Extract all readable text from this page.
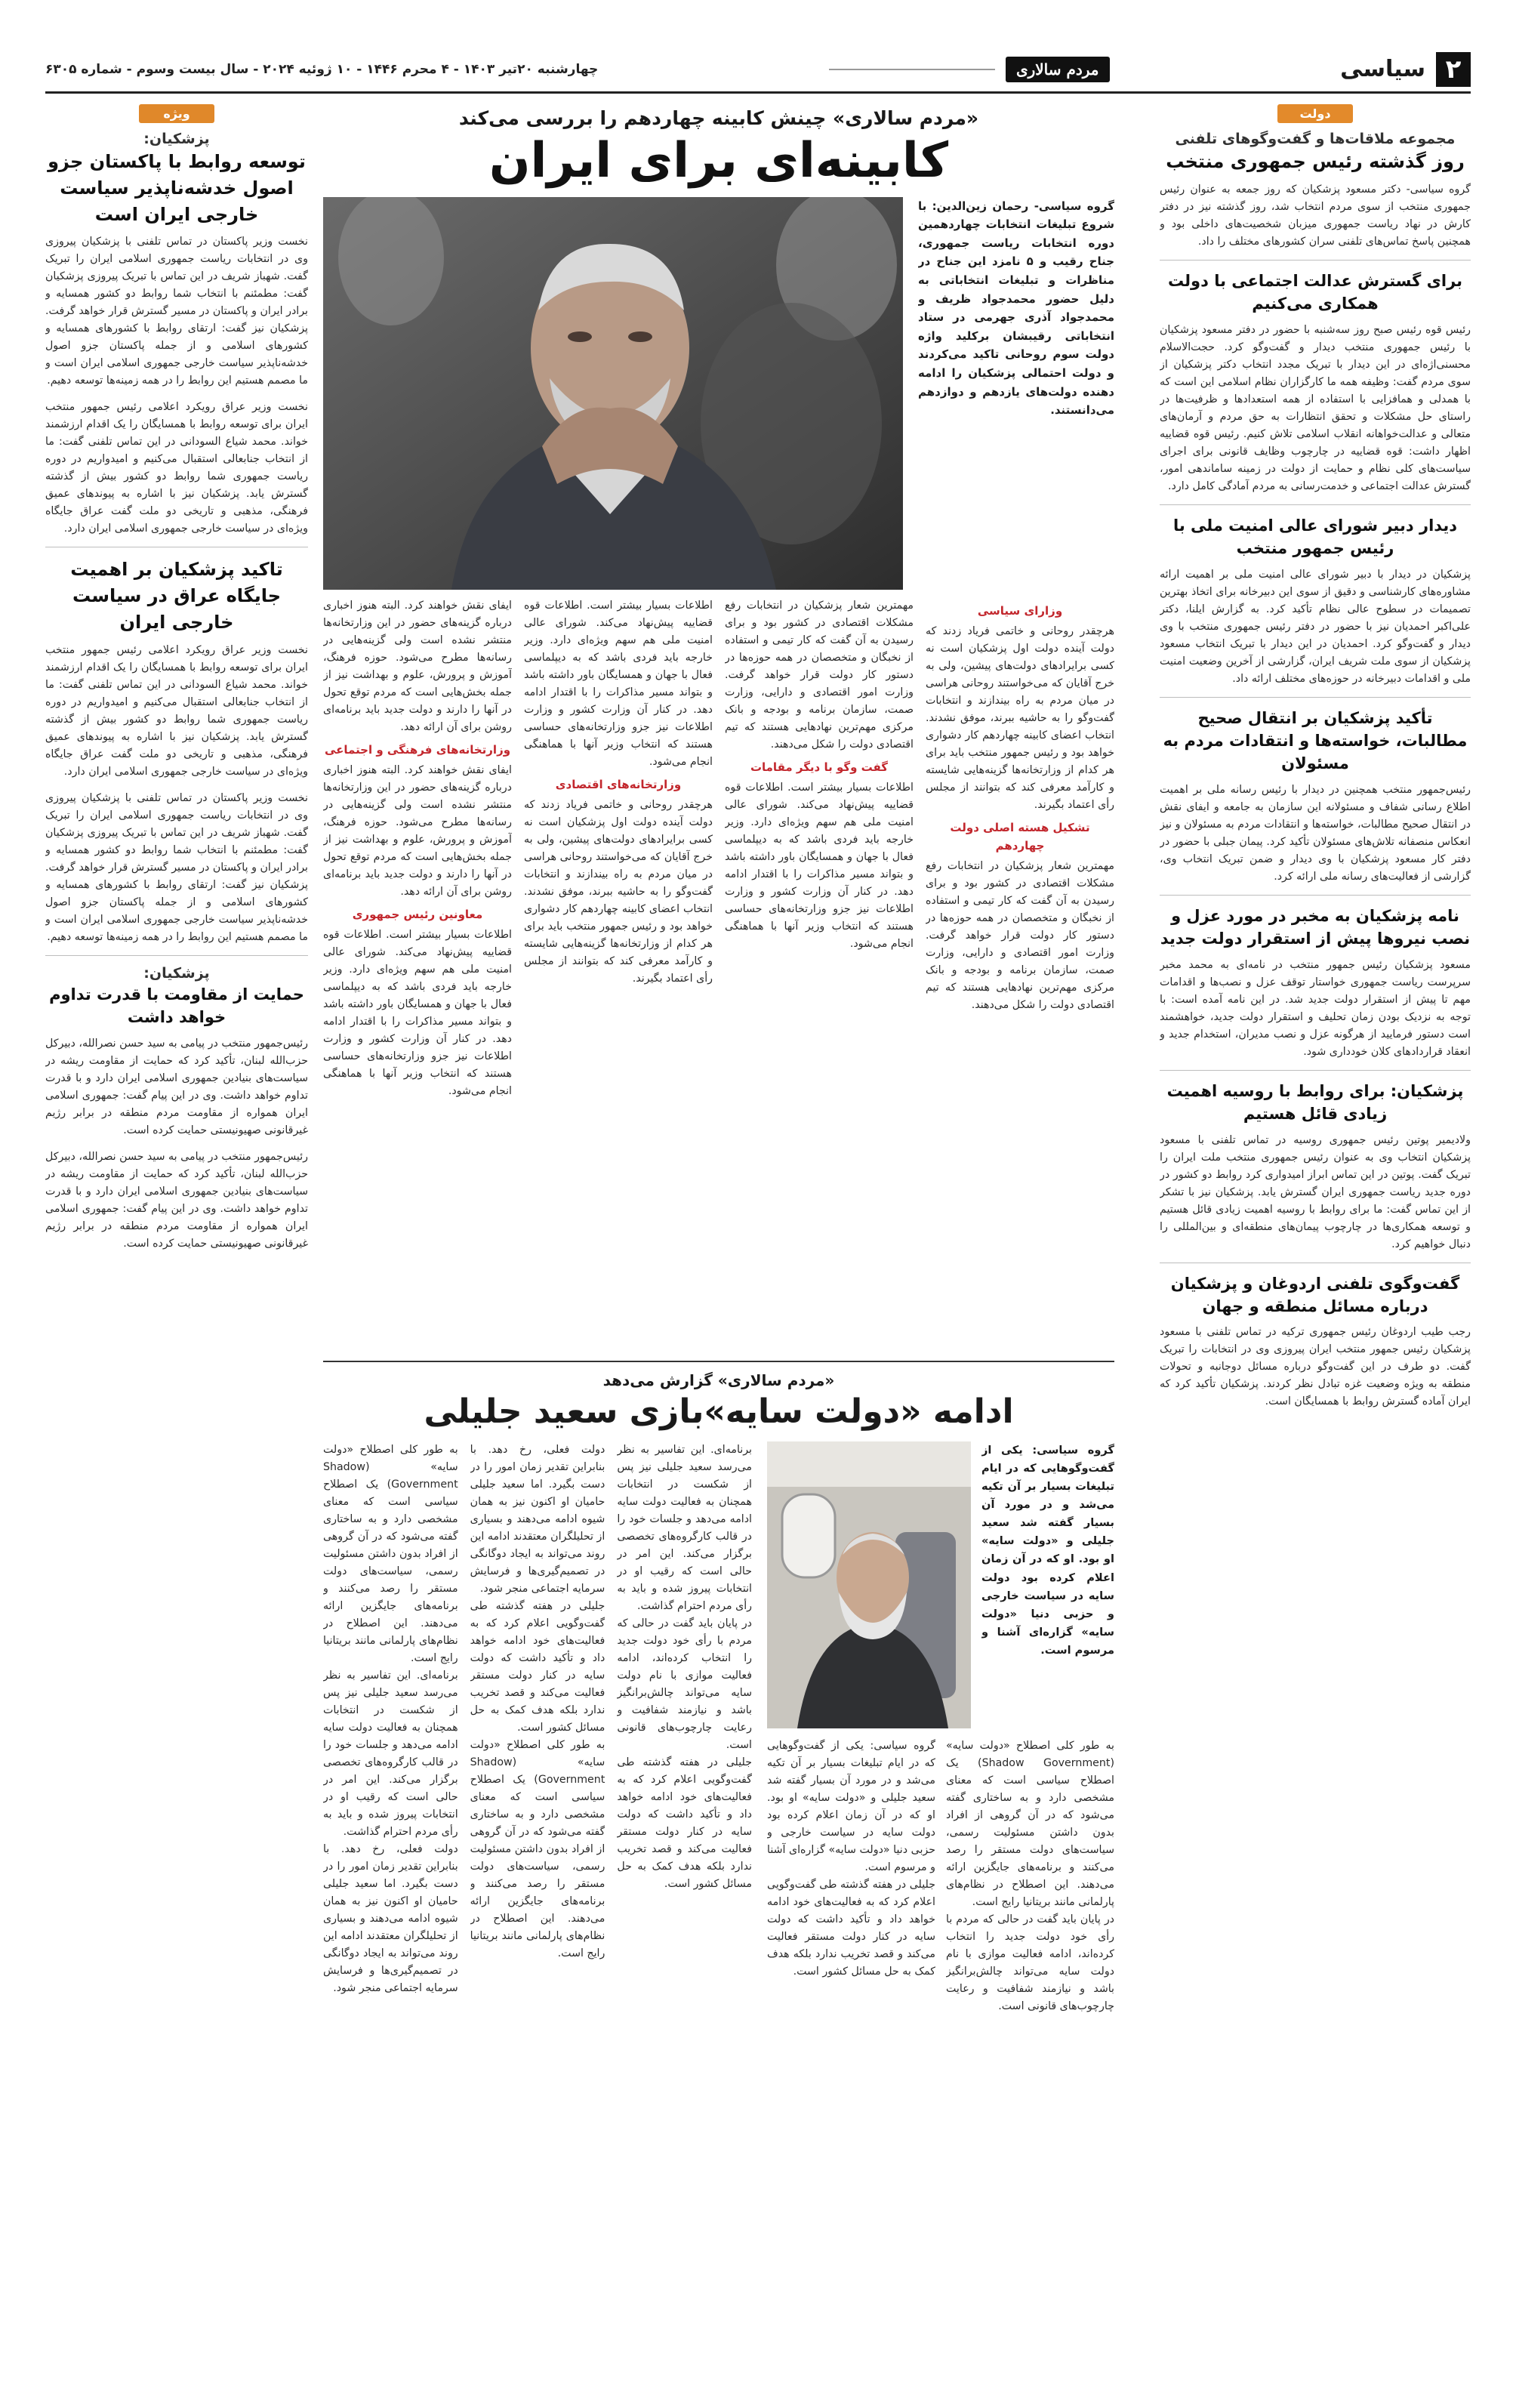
۲
سیاسی
مردم سالاری
چهارشنبه ۲۰تیر ۱۴۰۳ - ۴ محرم ۱۴۴۶ - ۱۰ ژوئیه ۲۰۲۴ - سال بیست وسوم - شماره ۶۳۰۵
دولت
مجموعه ملاقات‌ها و گفت‌وگوهای تلفنی
روز گذشته رئیس جمهوری منتخب
گروه سیاسی- دکتر مسعود پزشکیان که روز جمعه به عنوان رئیس جمهوری منتخب از سوی مردم انتخاب شد، روز گذشته نیز در دفتر کارش در نهاد ریاست جمهوری میزبان شخصیت‌های داخلی بود و همچنین پاسخ تماس‌های تلفنی سران کشورهای مختلف را داد.
برای گسترش عدالت اجتماعی با دولت همکاری می‌کنیم
رئیس قوه رئیس صبح روز سه‌شنبه با حضور در دفتر مسعود پزشکیان با رئیس جمهوری منتخب دیدار و گفت‌وگو کرد. حجت‌الاسلام محسنی‌اژه‌ای در این دیدار با تبریک مجدد انتخاب دکتر پزشکیان از سوی مردم گفت: وظیفه همه ما کارگزاران نظام اسلامی این است که با همدلی و همافزایی با استفاده از همه استعدادها و ظرفیت‌ها در راستای حل مشکلات و تحقق انتظارات به حق مردم و آرمان‌های متعالی و عدالت‌خواهانه انقلاب اسلامی تلاش کنیم. رئیس قوه قضاییه اظهار داشت: قوه قضاییه در چارچوب وظایف قانونی برای اجرای سیاست‌های کلی نظام و حمایت از دولت در زمینه ساماندهی امور، گسترش عدالت اجتماعی و خدمت‌رسانی به مردم آمادگی کامل دارد.
دیدار دبیر شورای عالی امنیت ملی با رئیس جمهور منتخب
پزشکیان در دیدار با دبیر شورای عالی امنیت ملی بر اهمیت ارائه مشاوره‌های کارشناسی و دقیق از سوی این دبیرخانه برای اتخاذ بهترین تصمیمات در سطوح عالی نظام تأکید کرد. به گزارش ایلنا، دکتر علی‌اکبر احمدیان نیز با حضور در دفتر رئیس جمهوری منتخب با وی دیدار و گفت‌وگو کرد. احمدیان در این دیدار با تبریک انتخاب مسعود پزشکیان از سوی ملت شریف ایران، گزارشی از آخرین وضعیت امنیت ملی و اقدامات دبیرخانه در حوزه‌های مختلف ارائه داد.
تأکید پزشکیان بر انتقال صحیح مطالبات، خواسته‌ها و انتقادات مردم به مسئولان
رئیس‌جمهور منتخب همچنین در دیدار با رئیس رسانه ملی بر اهمیت اطلاع رسانی شفاف و مسئولانه این سازمان به جامعه و ایفای نقش در انتقال صحیح مطالبات، خواسته‌ها و انتقادات مردم به مسئولان و نیز انعکاس منصفانه تلاش‌های مسئولان تأکید کرد. پیمان جبلی با حضور در دفتر کار مسعود پزشکیان با وی دیدار و ضمن تبریک انتخاب وی، گزارشی از فعالیت‌های رسانه ملی ارائه کرد.
نامه پزشکیان به مخبر در مورد عزل و نصب نیروها پیش از استقرار دولت جدید
مسعود پزشکیان رئیس جمهور منتخب در نامه‌ای به محمد مخبر سرپرست ریاست جمهوری خواستار توقف عزل و نصب‌ها و اقدامات مهم تا پیش از استقرار دولت جدید شد. در این نامه آمده است: با توجه به نزدیک بودن زمان تحلیف و استقرار دولت جدید، خواهشمند است دستور فرمایید از هرگونه عزل و نصب مدیران، استخدام جدید و انعقاد قراردادهای کلان خودداری شود.
پزشکیان: برای روابط با روسیه اهمیت زیادی قائل هستیم
ولادیمیر پوتین رئیس جمهوری روسیه در تماس تلفنی با مسعود پزشکیان انتخاب وی به عنوان رئیس جمهوری منتخب ملت ایران را تبریک گفت. پوتین در این تماس ابراز امیدواری کرد روابط دو کشور در دوره جدید ریاست جمهوری ایران گسترش یابد. پزشکیان نیز با تشکر از این تماس گفت: ما برای روابط با روسیه اهمیت زیادی قائل هستیم و توسعه همکاری‌ها در چارچوب پیمان‌های منطقه‌ای و بین‌المللی را دنبال خواهیم کرد.
گفت‌وگوی تلفنی اردوغان و پزشکیان درباره مسائل منطقه و جهان
رجب طیب اردوغان رئیس جمهوری ترکیه در تماس تلفنی با مسعود پزشکیان رئیس جمهور منتخب ایران پیروزی وی در انتخابات را تبریک گفت. دو طرف در این گفت‌وگو درباره مسائل دوجانبه و تحولات منطقه به ویژه وضعیت غزه تبادل نظر کردند. پزشکیان تأکید کرد که ایران آماده گسترش روابط با همسایگان است.
«مردم سالاری» چینش کابینه چهاردهم را بررسی می‌کند
کابینه‌ای برای ایران
گروه سیاسی- رحمان زین‌الدین: با شروع تبلیغات انتخابات چهاردهمین دوره انتخابات ریاست جمهوری، جناح رقیب و ۵ نامزد این جناح در مناظرات و تبلیغات انتخاباتی به دلیل حضور محمدجواد ظریف و محمدجواد آذری جهرمی در ستاد انتخاباتی رقیبشان برکلید واژه دولت سوم روحانی تاکید می‌کردند و دولت احتمالی پزشکیان را ادامه دهنده دولت‌های یازدهم و دوازدهم می‌دانستند.
وزارای سیاسی
هرچقدر روحانی و خاتمی فریاد زدند که دولت آینده دولت اول پزشکیان است نه کسی برایرادهای دولت‌های پیشین، ولی به خرج آقایان که می‌خواستند روحانی هراسی در میان مردم به راه بیندازند و انتخابات گفت‌وگو را به حاشیه ببرند، موفق نشدند. انتخاب اعضای کابینه چهاردهم کار دشواری خواهد بود و رئیس جمهور منتخب باید برای هر کدام از وزارتخانه‌ها گزینه‌هایی شایسته و کارآمد معرفی کند که بتوانند از مجلس رأی اعتماد بگیرند.
تشکیل هسته اصلی دولت چهاردهم
مهمترین شعار پزشکیان در انتخابات رفع مشکلات اقتصادی در کشور بود و برای رسیدن به آن گفت که کار تیمی و استفاده از نخبگان و متخصصان در همه حوزه‌ها در دستور کار دولت قرار خواهد گرفت. وزارت امور اقتصادی و دارایی، وزارت صمت، سازمان برنامه و بودجه و بانک مرکزی مهم‌ترین نهادهایی هستند که تیم اقتصادی دولت را شکل می‌دهند.
مهمترین شعار پزشکیان در انتخابات رفع مشکلات اقتصادی در کشور بود و برای رسیدن به آن گفت که کار تیمی و استفاده از نخبگان و متخصصان در همه حوزه‌ها در دستور کار دولت قرار خواهد گرفت. وزارت امور اقتصادی و دارایی، وزارت صمت، سازمان برنامه و بودجه و بانک مرکزی مهم‌ترین نهادهایی هستند که تیم اقتصادی دولت را شکل می‌دهند.
گفت وگو با دیگر مقامات
اطلاعات بسیار بیشتر است. اطلاعات قوه قضاییه پیش‌نهاد می‌کند. شورای عالی امنیت ملی هم سهم ویژه‌ای دارد. وزیر خارجه باید فردی باشد که به دیپلماسی فعال با جهان و همسایگان باور داشته باشد و بتواند مسیر مذاکرات را با اقتدار ادامه دهد. در کنار آن وزارت کشور و وزارت اطلاعات نیز جزو وزارتخانه‌های حساسی هستند که انتخاب وزیر آنها با هماهنگی انجام می‌شود.
اطلاعات بسیار بیشتر است. اطلاعات قوه قضاییه پیش‌نهاد می‌کند. شورای عالی امنیت ملی هم سهم ویژه‌ای دارد. وزیر خارجه باید فردی باشد که به دیپلماسی فعال با جهان و همسایگان باور داشته باشد و بتواند مسیر مذاکرات را با اقتدار ادامه دهد. در کنار آن وزارت کشور و وزارت اطلاعات نیز جزو وزارتخانه‌های حساسی هستند که انتخاب وزیر آنها با هماهنگی انجام می‌شود.
وزارتخانه‌های اقتصادی
هرچقدر روحانی و خاتمی فریاد زدند که دولت آینده دولت اول پزشکیان است نه کسی برایرادهای دولت‌های پیشین، ولی به خرج آقایان که می‌خواستند روحانی هراسی در میان مردم به راه بیندازند و انتخابات گفت‌وگو را به حاشیه ببرند، موفق نشدند. انتخاب اعضای کابینه چهاردهم کار دشواری خواهد بود و رئیس جمهور منتخب باید برای هر کدام از وزارتخانه‌ها گزینه‌هایی شایسته و کارآمد معرفی کند که بتوانند از مجلس رأی اعتماد بگیرند.
ایفای نقش خواهند کرد. البته هنوز اخباری درباره گزینه‌های حضور در این وزارتخانه‌ها منتشر نشده است ولی گزینه‌هایی در رسانه‌ها مطرح می‌شود. حوزه فرهنگ، آموزش و پرورش، علوم و بهداشت نیز از جمله بخش‌هایی است که مردم توقع تحول در آنها را دارند و دولت جدید باید برنامه‌ای روشن برای آن ارائه دهد.
وزارتخانه‌های فرهنگی و اجتماعی
ایفای نقش خواهند کرد. البته هنوز اخباری درباره گزینه‌های حضور در این وزارتخانه‌ها منتشر نشده است ولی گزینه‌هایی در رسانه‌ها مطرح می‌شود. حوزه فرهنگ، آموزش و پرورش، علوم و بهداشت نیز از جمله بخش‌هایی است که مردم توقع تحول در آنها را دارند و دولت جدید باید برنامه‌ای روشن برای آن ارائه دهد.
معاونین رئیس جمهوری
اطلاعات بسیار بیشتر است. اطلاعات قوه قضاییه پیش‌نهاد می‌کند. شورای عالی امنیت ملی هم سهم ویژه‌ای دارد. وزیر خارجه باید فردی باشد که به دیپلماسی فعال با جهان و همسایگان باور داشته باشد و بتواند مسیر مذاکرات را با اقتدار ادامه دهد. در کنار آن وزارت کشور و وزارت اطلاعات نیز جزو وزارتخانه‌های حساسی هستند که انتخاب وزیر آنها با هماهنگی انجام می‌شود.
«مردم سالاری» گزارش می‌دهد
ادامه «دولت سایه»بازی سعید جلیلی
گروه سیاسی: یکی از گفت‌وگوهایی که در ایام تبلیغات بسیار بر آن تکیه می‌شد و در مورد آن بسیار گفته شد سعید جلیلی و «دولت سایه» او بود. او که در آن زمان اعلام کرده بود دولت سایه در سیاست خارجی و حزبی دنیا «دولت سایه» گزاره‌ای آشنا و مرسوم است.
برنامه‌ای. این تفاسیر به نظر می‌رسد سعید جلیلی نیز پس از شکست در انتخابات همچنان به فعالیت دولت سایه ادامه می‌دهد و جلسات خود را در قالب کارگروه‌های تخصصی برگزار می‌کند. این امر در حالی است که رقیب او در انتخابات پیروز شده و باید به رأی مردم احترام گذاشت.
در پایان باید گفت در حالی که مردم با رأی خود دولت جدید را انتخاب کرده‌اند، ادامه فعالیت موازی با نام دولت سایه می‌تواند چالش‌برانگیز باشد و نیازمند شفافیت و رعایت چارچوب‌های قانونی است.
جلیلی در هفته گذشته طی گفت‌وگویی اعلام کرد که به فعالیت‌های خود ادامه خواهد داد و تأکید داشت که دولت سایه در کنار دولت مستقر فعالیت می‌کند و قصد تخریب ندارد بلکه هدف کمک به حل مسائل کشور است.
دولت فعلی، رخ دهد. با بنابراین تقدیر زمان امور را در دست بگیرد. اما سعید جلیلی حامیان او اکنون نیز به همان شیوه ادامه می‌دهند و بسیاری از تحلیلگران معتقدند ادامه این روند می‌تواند به ایجاد دوگانگی در تصمیم‌گیری‌ها و فرسایش سرمایه اجتماعی منجر شود.
جلیلی در هفته گذشته طی گفت‌وگویی اعلام کرد که به فعالیت‌های خود ادامه خواهد داد و تأکید داشت که دولت سایه در کنار دولت مستقر فعالیت می‌کند و قصد تخریب ندارد بلکه هدف کمک به حل مسائل کشور است.
به طور کلی اصطلاح «دولت سایه» (Shadow Government) یک اصطلاح سیاسی است که معنای مشخصی دارد و به ساختاری گفته می‌شود که در آن گروهی از افراد بدون داشتن مسئولیت رسمی، سیاست‌های دولت مستقر را رصد می‌کنند و برنامه‌های جایگزین ارائه می‌دهند. این اصطلاح در نظام‌های پارلمانی مانند بریتانیا رایج است.
به طور کلی اصطلاح «دولت سایه» (Shadow Government) یک اصطلاح سیاسی است که معنای مشخصی دارد و به ساختاری گفته می‌شود که در آن گروهی از افراد بدون داشتن مسئولیت رسمی، سیاست‌های دولت مستقر را رصد می‌کنند و برنامه‌های جایگزین ارائه می‌دهند. این اصطلاح در نظام‌های پارلمانی مانند بریتانیا رایج است.
برنامه‌ای. این تفاسیر به نظر می‌رسد سعید جلیلی نیز پس از شکست در انتخابات همچنان به فعالیت دولت سایه ادامه می‌دهد و جلسات خود را در قالب کارگروه‌های تخصصی برگزار می‌کند. این امر در حالی است که رقیب او در انتخابات پیروز شده و باید به رأی مردم احترام گذاشت.
دولت فعلی، رخ دهد. با بنابراین تقدیر زمان امور را در دست بگیرد. اما سعید جلیلی حامیان او اکنون نیز به همان شیوه ادامه می‌دهند و بسیاری از تحلیلگران معتقدند ادامه این روند می‌تواند به ایجاد دوگانگی در تصمیم‌گیری‌ها و فرسایش سرمایه اجتماعی منجر شود.
به طور کلی اصطلاح «دولت سایه» (Shadow Government) یک اصطلاح سیاسی است که معنای مشخصی دارد و به ساختاری گفته می‌شود که در آن گروهی از افراد بدون داشتن مسئولیت رسمی، سیاست‌های دولت مستقر را رصد می‌کنند و برنامه‌های جایگزین ارائه می‌دهند. این اصطلاح در نظام‌های پارلمانی مانند بریتانیا رایج است.
در پایان باید گفت در حالی که مردم با رأی خود دولت جدید را انتخاب کرده‌اند، ادامه فعالیت موازی با نام دولت سایه می‌تواند چالش‌برانگیز باشد و نیازمند شفافیت و رعایت چارچوب‌های قانونی است.
گروه سیاسی: یکی از گفت‌وگوهایی که در ایام تبلیغات بسیار بر آن تکیه می‌شد و در مورد آن بسیار گفته شد سعید جلیلی و «دولت سایه» او بود. او که در آن زمان اعلام کرده بود دولت سایه در سیاست خارجی و حزبی دنیا «دولت سایه» گزاره‌ای آشنا و مرسوم است.
جلیلی در هفته گذشته طی گفت‌وگویی اعلام کرد که به فعالیت‌های خود ادامه خواهد داد و تأکید داشت که دولت سایه در کنار دولت مستقر فعالیت می‌کند و قصد تخریب ندارد بلکه هدف کمک به حل مسائل کشور است.
ویژه
پزشکیان:
توسعه روابط با پاکستان جزو اصول خدشه‌ناپذیر سیاست خارجی ایران است
نخست وزیر پاکستان در تماس تلفنی با پزشکیان پیروزی وی در انتخابات ریاست جمهوری اسلامی ایران را تبریک گفت. شهباز شریف در این تماس با تبریک پیروزی پزشکیان گفت: مطمئنم با انتخاب شما روابط دو کشور همسایه و برادر ایران و پاکستان در مسیر گسترش قرار خواهد گرفت. پزشکیان نیز گفت: ارتقای روابط با کشورهای همسایه و کشورهای اسلامی و از جمله پاکستان جزو اصول خدشه‌ناپذیر سیاست خارجی جمهوری اسلامی ایران است و ما مصمم هستیم این روابط را در همه زمینه‌ها توسعه دهیم.
نخست وزیر عراق رویکرد اعلامی رئیس جمهور منتخب ایران برای توسعه روابط با همسایگان را یک اقدام ارزشمند خواند. محمد شیاع السودانی در این تماس تلفنی گفت: ما از انتخاب جنابعالی استقبال می‌کنیم و امیدواریم در دوره ریاست جمهوری شما روابط دو کشور بیش از گذشته گسترش یابد. پزشکیان نیز با اشاره به پیوندهای عمیق فرهنگی، مذهبی و تاریخی دو ملت گفت عراق جایگاه ویژه‌ای در سیاست خارجی جمهوری اسلامی ایران دارد.
تاکید پزشکیان بر اهمیت جایگاه عراق در سیاست خارجی ایران
نخست وزیر عراق رویکرد اعلامی رئیس جمهور منتخب ایران برای توسعه روابط با همسایگان را یک اقدام ارزشمند خواند. محمد شیاع السودانی در این تماس تلفنی گفت: ما از انتخاب جنابعالی استقبال می‌کنیم و امیدواریم در دوره ریاست جمهوری شما روابط دو کشور بیش از گذشته گسترش یابد. پزشکیان نیز با اشاره به پیوندهای عمیق فرهنگی، مذهبی و تاریخی دو ملت گفت عراق جایگاه ویژه‌ای در سیاست خارجی جمهوری اسلامی ایران دارد.
نخست وزیر پاکستان در تماس تلفنی با پزشکیان پیروزی وی در انتخابات ریاست جمهوری اسلامی ایران را تبریک گفت. شهباز شریف در این تماس با تبریک پیروزی پزشکیان گفت: مطمئنم با انتخاب شما روابط دو کشور همسایه و برادر ایران و پاکستان در مسیر گسترش قرار خواهد گرفت. پزشکیان نیز گفت: ارتقای روابط با کشورهای همسایه و کشورهای اسلامی و از جمله پاکستان جزو اصول خدشه‌ناپذیر سیاست خارجی جمهوری اسلامی ایران است و ما مصمم هستیم این روابط را در همه زمینه‌ها توسعه دهیم.
پزشکیان:
حمایت از مقاومت با قدرت تداوم خواهد داشت
رئیس‌جمهور منتخب در پیامی به سید حسن نصرالله، دبیرکل حزب‌الله لبنان، تأکید کرد که حمایت از مقاومت ریشه در سیاست‌های بنیادین جمهوری اسلامی ایران دارد و با قدرت تداوم خواهد داشت. وی در این پیام گفت: جمهوری اسلامی ایران همواره از مقاومت مردم منطقه در برابر رژیم غیرقانونی صهیونیستی حمایت کرده است.
رئیس‌جمهور منتخب در پیامی به سید حسن نصرالله، دبیرکل حزب‌الله لبنان، تأکید کرد که حمایت از مقاومت ریشه در سیاست‌های بنیادین جمهوری اسلامی ایران دارد و با قدرت تداوم خواهد داشت. وی در این پیام گفت: جمهوری اسلامی ایران همواره از مقاومت مردم منطقه در برابر رژیم غیرقانونی صهیونیستی حمایت کرده است.
